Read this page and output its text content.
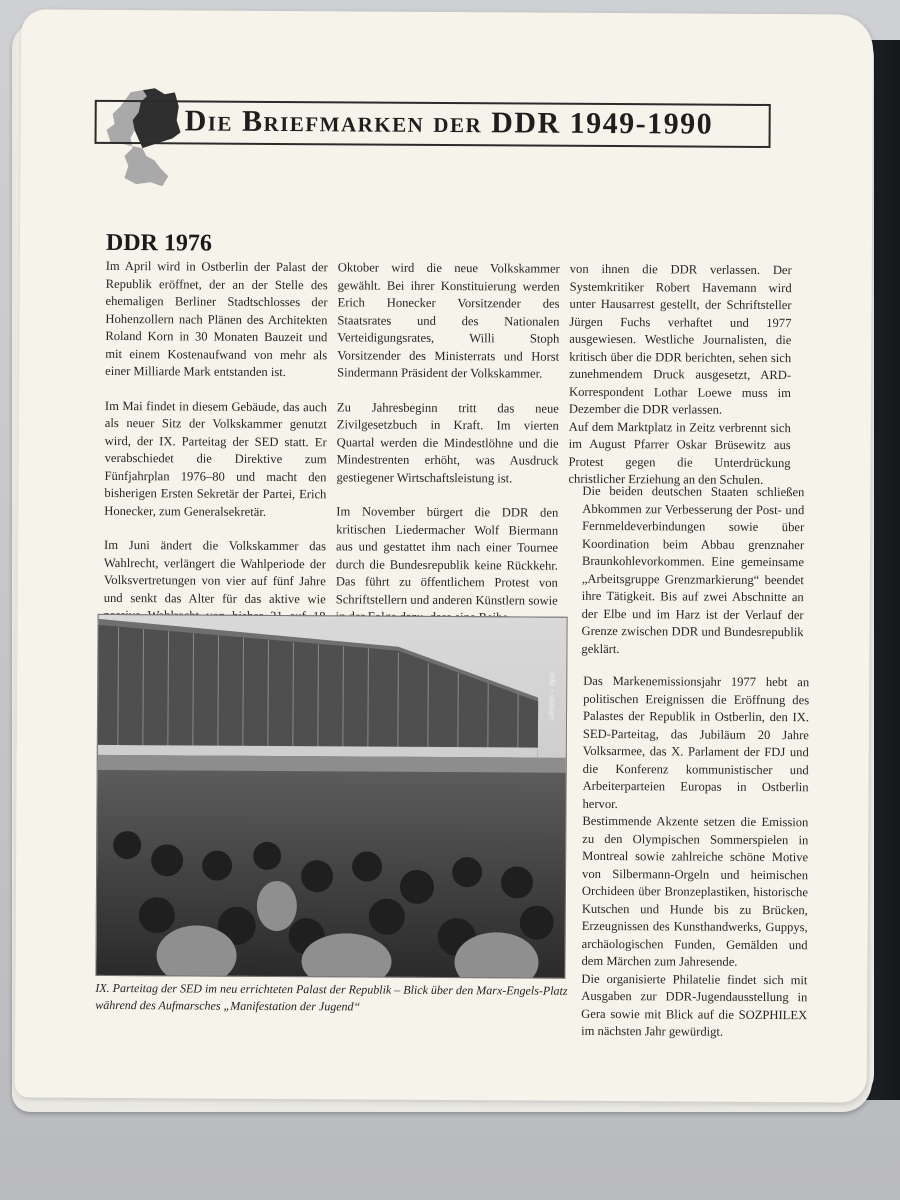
Die Briefmarken der DDR 1949-1990
DDR 1976

Im April wird in Ostberlin der Palast der Republik eröffnet, der an der Stelle des ehemaligen Berliner Stadtschlosses der Hohenzollern nach Plänen des Architekten Roland Korn in 30 Monaten Bauzeit und mit einem Kostenaufwand von mehr als einer Milliarde Mark entstanden ist.

Im Mai findet in diesem Gebäude, das auch als neuer Sitz der Volkskammer genutzt wird, der IX. Parteitag der SED statt. Er verabschiedet die Direktive zum Fünfjahrplan 1976–80 und macht den bisherigen Ersten Sekretär der Partei, Erich Honecker, zum Generalsekretär.

Im Juni ändert die Volkskammer das Wahlrecht, verlängert die Wahlperiode der Volksvertretungen von vier auf fünf Jahre und senkt das Alter für das aktive wie

Oktober wird die neue Volkskammer gewählt. Bei ihrer Konstituierung werden Erich Honecker Vorsitzender des Staatsrates und des Nationalen Verteidigungsrates, Willi Stoph Vorsitzender des Ministerrats und Horst Sindermann Präsident der Volkskammer.

Zu Jahresbeginn tritt das neue Zivilgesetzbuch in Kraft. Im vierten Quartal werden die Mindestlöhne und die Mindestrenten erhöht, was Ausdruck gestiegener Wirtschaftsleistung ist.

Im November bürgert die DDR den kritischen Liedermacher Wolf Biermann aus und gestattet ihm nach einer Tournee durch die Bundesrepublik keine Rückkehr. Das führt zu öffentlichem Protest von Schriftstellern und anderen Künstlern sowie

von ihnen die DDR verlassen. Der Systemkritiker Robert Havemann wird unter Hausarrest gestellt, der Schriftsteller Jürgen Fuchs verhaftet und 1977 ausgewiesen. Westliche Journalisten, die kritisch über die DDR berichten, sehen sich zunehmendem Druck ausgesetzt, ARD-Korrespondent Lothar Loewe muss im Dezember die DDR verlassen.

Auf dem Marktplatz in Zeitz verbrennt sich im August Pfarrer Oskar Brüsewitz aus Protest gegen die Unterdrückung christlicher Erziehung an den Schulen.

Die beiden deutschen Staaten schließen Abkommen zur Verbesserung der Post- und Fernmeldeverbindungen sowie über Koordination beim Abbau grenznaher Braunkohlevorkommen. Eine gemeinsame „Arbeitsgruppe Grenzmarkierung“ beendet ihre Tätigkeit. Bis auf zwei Abschnitte an der Elbe und im Harz ist der Verlauf der Grenze zwischen DDR und Bundesrepublik geklärt.

Das Markenemissionsjahr 1977 hebt an politischen Ereignissen die Eröffnung des Palastes der Republik in Ostberlin, den IX. SED-Parteitag, das Jubiläum 20 Jahre Volksarmee, das X. Parlament der FDJ und die Konferenz kommunistischer und Arbeiterparteien Europas in Ostberlin hervor.

Bestimmende Akzente setzen die Emission zu den Olympischen Sommerspielen in Montreal sowie zahlreiche schöne Motive von Silbermann-Orgeln und heimischen Orchideen über Bronzeplastiken, historische Kutschen und Hunde bis zu Brücken, Erzeugnissen des Kunsthandwerks, Guppys, archäologischen Funden, Gemälden und dem Märchen zum Jahresende.

Die organisierte Philatelie findet sich mit Ausgaben zur DDR-Jugendausstellung in Gera sowie mit Blick auf die SOZPHILEX im nächsten Jahr gewürdigt.

ullstein – dpa
IX. Parteitag der SED im neu errichteten Palast der Republik – Blick über den Marx-Engels-Platz während des Aufmarsches „Manifestation der Jugend“
